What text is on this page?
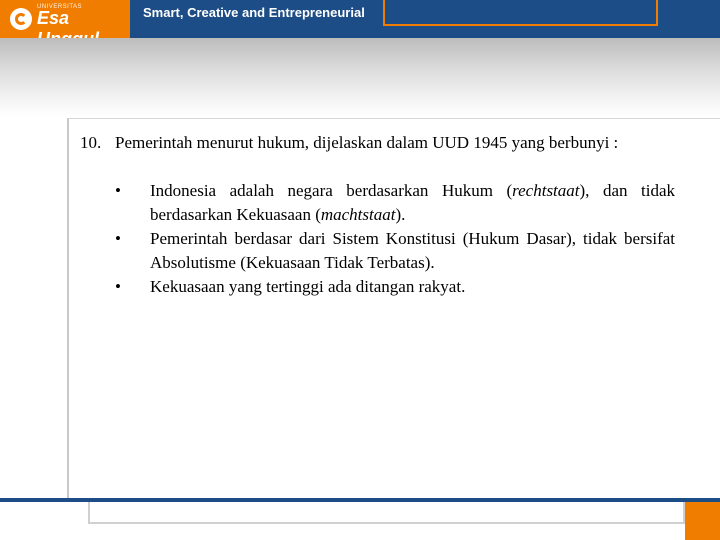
UNIVERSITAS
Esa	Smart, Creative and Entrepreneurial
10. Pemerintah menurut hukum, dijelaskan dalam UUD 1945 yang berbunyi :
•	Indonesia adalah negara berdasarkan Hukum (rechtstaat), dan tidak berdasarkan Kekuasaan (machtstaat).
•	Pemerintah berdasar dari Sistem Konstitusi (Hukum Dasar), tidak bersifat Absolutisme (Kekuasaan Tidak Terbatas).
•	Kekuasaan yang tertinggi ada ditangan rakyat.
